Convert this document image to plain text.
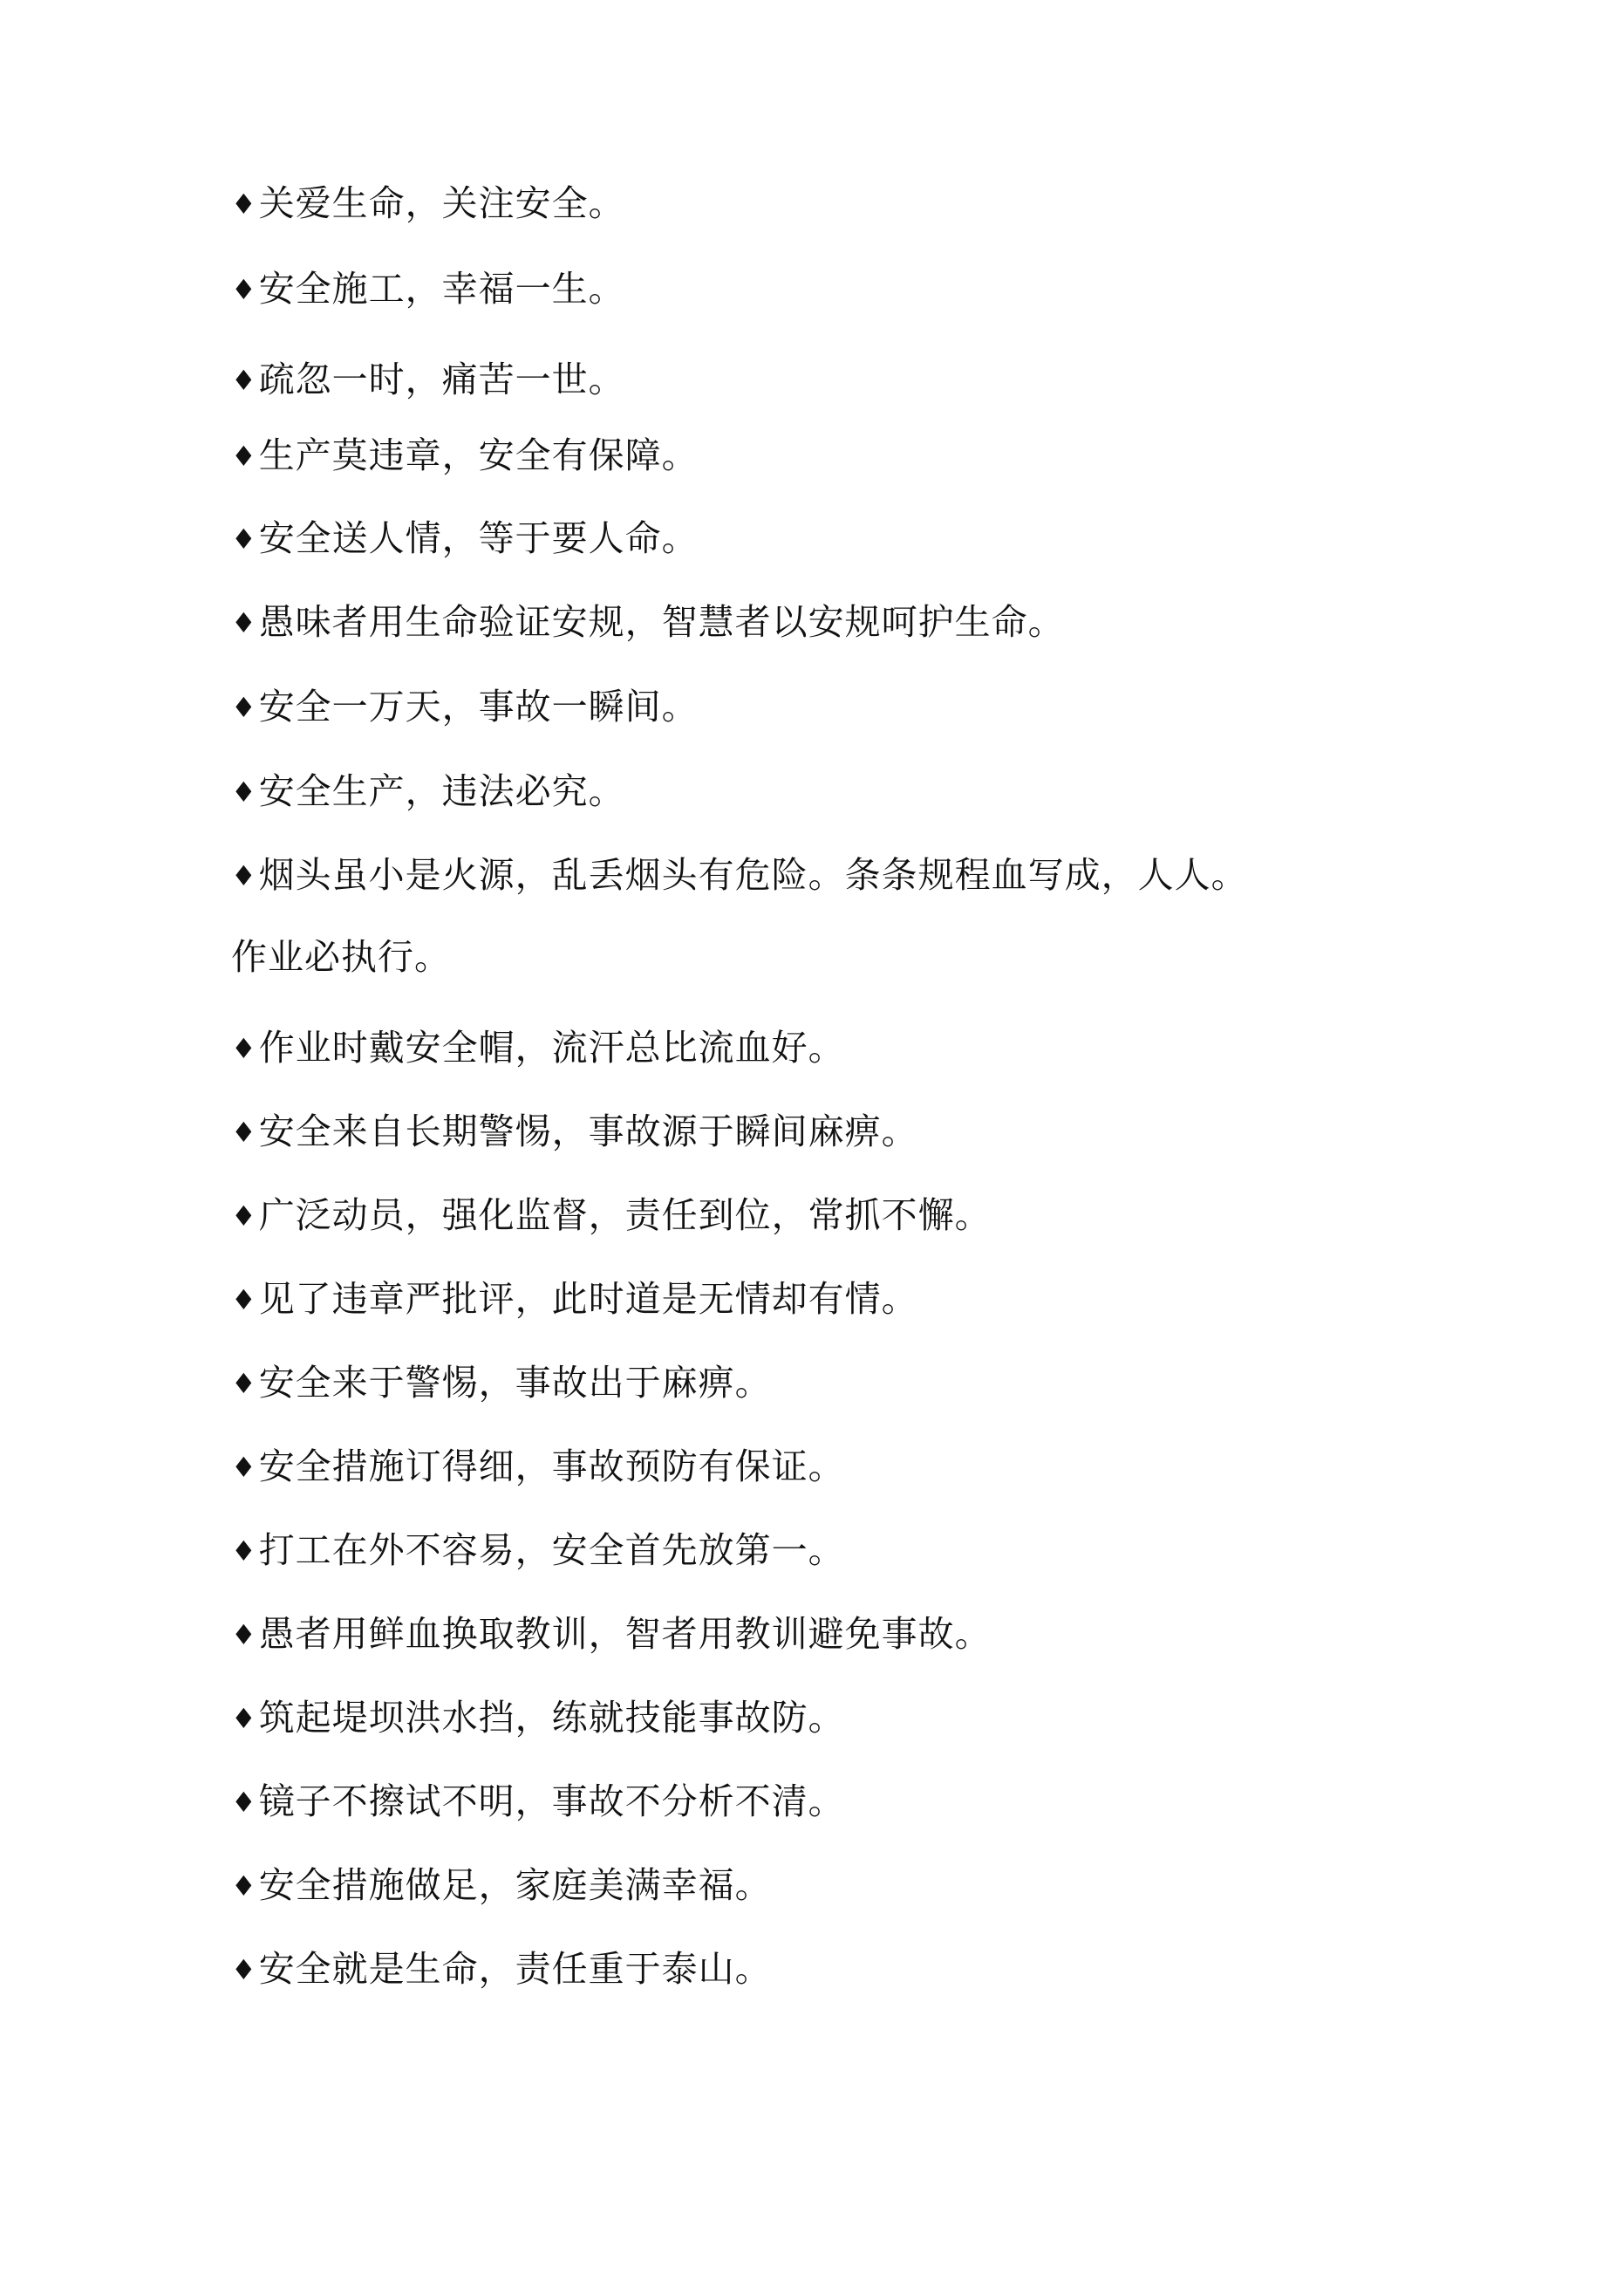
♦关爱生命，关注安全。
♦安全施工，幸福一生。
♦疏忽一时，痛苦一世。
♦生产莫违章，安全有保障。
♦安全送人情，等于要人命。
♦愚味者用生命验证安规，智慧者以安规呵护生命。
♦安全一万天，事故一瞬间。
♦安全生产，违法必究。
♦烟头虽小是火源，乱丢烟头有危险。条条规程血写成，人人。
作业必执行。
♦作业时戴安全帽，流汗总比流血好。
♦安全来自长期警惕，事故源于瞬间麻痹。
♦广泛动员，强化监督，责任到位，常抓不懈。
♦见了违章严批评，此时道是无情却有情。
♦安全来于警惕，事故出于麻痹。
♦安全措施订得细，事故预防有保证。
♦打工在外不容易，安全首先放第一。
♦愚者用鲜血换取教训，智者用教训避免事故。
♦筑起堤坝洪水挡，练就技能事故防。
♦镜子不擦试不明，事故不分析不清。
♦安全措施做足，家庭美满幸福。
♦安全就是生命，责任重于泰山。
